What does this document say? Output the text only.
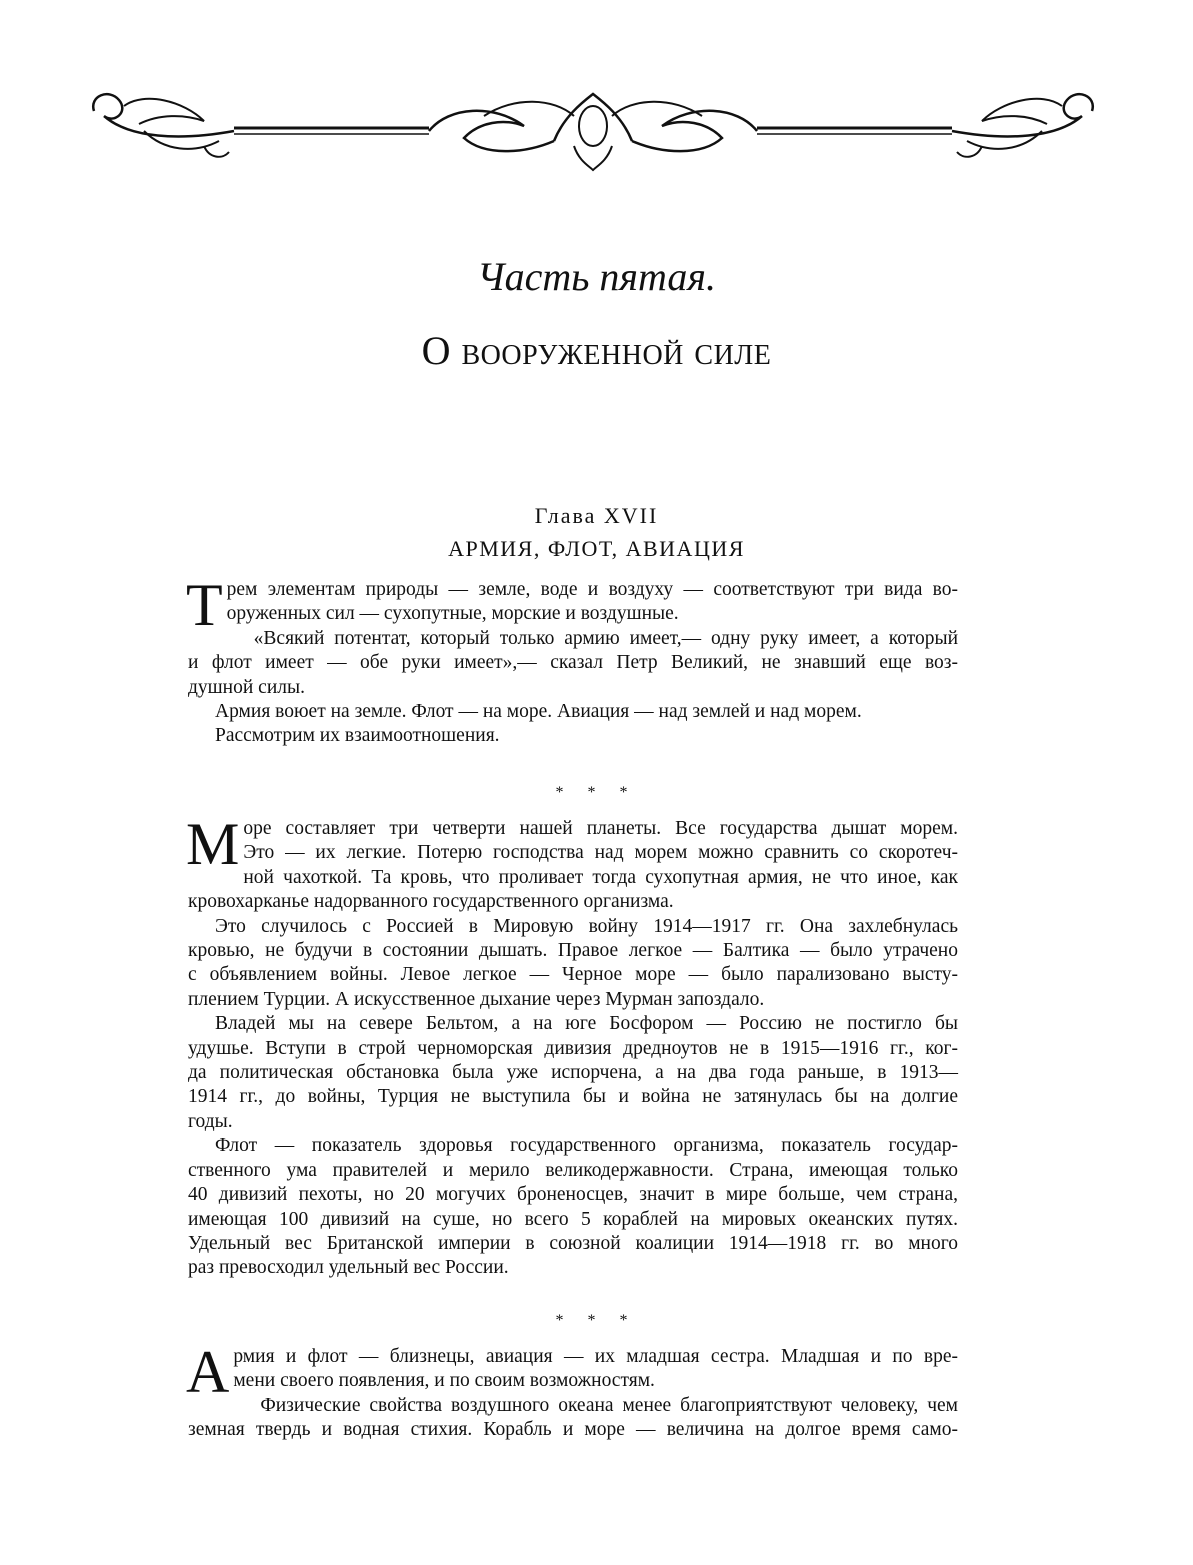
Часть пятая.
О вооруженной силе
Глава XVII
АРМИЯ, ФЛОТ, АВИАЦИЯ
Т рем элементам природы — земле, воде и воздуху — соответствуют три вида во-
оруженных сил — сухопутные, морские и воздушные.
«Всякий потентат, который только армию имеет,— одну руку имеет, а который
и флот имеет — обе руки имеет»,— сказал Петр Великий, не знавший еще воз-
душной силы.
Армия воюет на земле. Флот — на море. Авиация — над землей и над морем.
Рассмотрим их взаимоотношения.
* * *
М оре составляет три четверти нашей планеты. Все государства дышат морем.
Это — их легкие. Потерю господства над морем можно сравнить со скоротеч-
ной чахоткой. Та кровь, что проливает тогда сухопутная армия, не что иное, как
кровохарканье надорванного государственного организма.
Это случилось с Россией в Мировую войну 1914—1917 гг. Она захлебнулась
кровью, не будучи в состоянии дышать. Правое легкое — Балтика — было утрачено
с объявлением войны. Левое легкое — Черное море — было парализовано высту-
плением Турции. А искусственное дыхание через Мурман запоздало.
Владей мы на севере Бельтом, а на юге Босфором — Россию не постигло бы
удушье. Вступи в строй черноморская дивизия дредноутов не в 1915—1916 гг., ког-
да политическая обстановка была уже испорчена, а на два года раньше, в 1913—
1914 гг., до войны, Турция не выступила бы и война не затянулась бы на долгие
годы.
Флот — показатель здоровья государственного организма, показатель государ-
ственного ума правителей и мерило великодержавности. Страна, имеющая только
40 дивизий пехоты, но 20 могучих броненосцев, значит в мире больше, чем страна,
имеющая 100 дивизий на суше, но всего 5 кораблей на мировых океанских путях.
Удельный вес Британской империи в союзной коалиции 1914—1918 гг. во много
раз превосходил удельный вес России.
* * *
А рмия и флот — близнецы, авиация — их младшая сестра. Младшая и по вре-
мени своего появления, и по своим возможностям.
Физические свойства воздушного океана менее благоприятствуют человеку, чем
земная твердь и водная стихия. Корабль и море — величина на долгое время само-
